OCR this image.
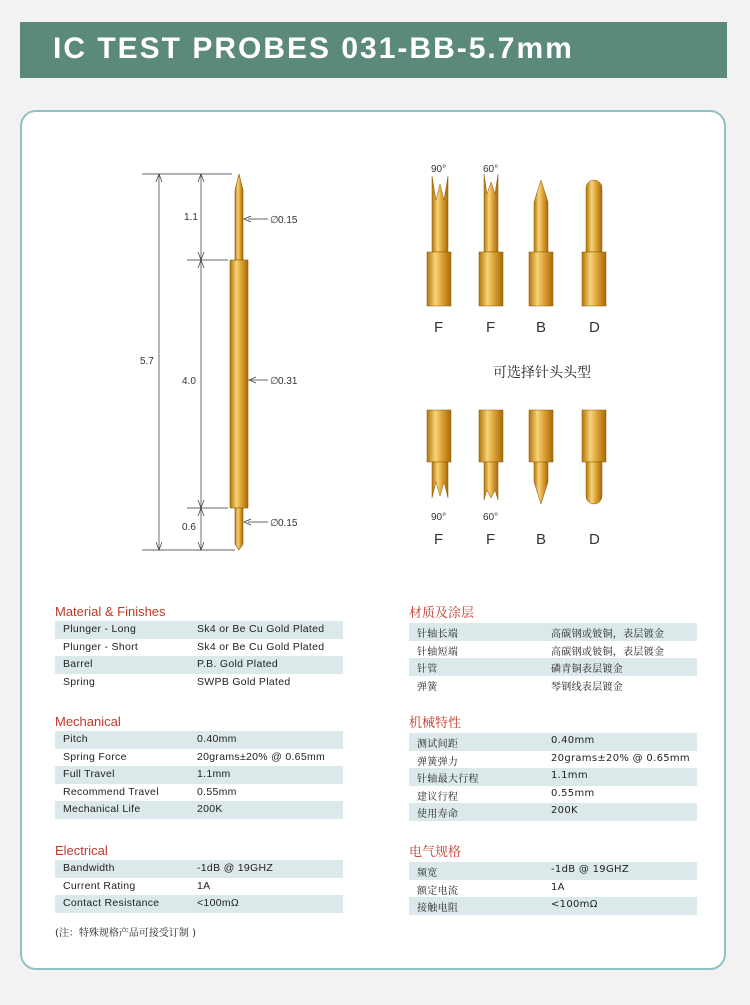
IC TEST PROBES 031-BB-5.7mm
1.1
5.7
4.0
0.6
∅ 0.15
∅ 0.31
∅ 0.15
90°	60°
F	F	B	D
90°	60°
F	F	B	D
可选择针头头型
Material & Finishes
Plunger - Long	Sk4 or Be Cu Gold Plated
Plunger - Short	Sk4 or Be Cu Gold Plated
Barrel	P.B. Gold Plated
Spring	SWPB Gold Plated
Mechanical
Pitch	0.40mm
Spring Force	20grams±20% @ 0.65mm
Full Travel	1.1mm
Recommend Travel	0.55mm
Mechanical Life	200K
Electrical
Bandwidth	-1dB @ 19GHZ
Current Rating	1A
Contact Resistance	<100mΩ
材质及涂层
针轴长端	高碳钢或铍铜，表层镀金
针轴短端	高碳钢或铍铜，表层镀金
针管	磷青铜表层镀金
弹簧	琴钢线表层镀金
机械特性
测试间距	0.40mm
弹簧弹力	20grams±20% @ 0.65mm
针轴最大行程	1.1mm
建议行程	0.55mm
使用寿命	200K
电气规格
频宽	-1dB @ 19GHZ
额定电流	1A
接触电阻	<100mΩ
(注：特殊规格产品可接受订制 )
